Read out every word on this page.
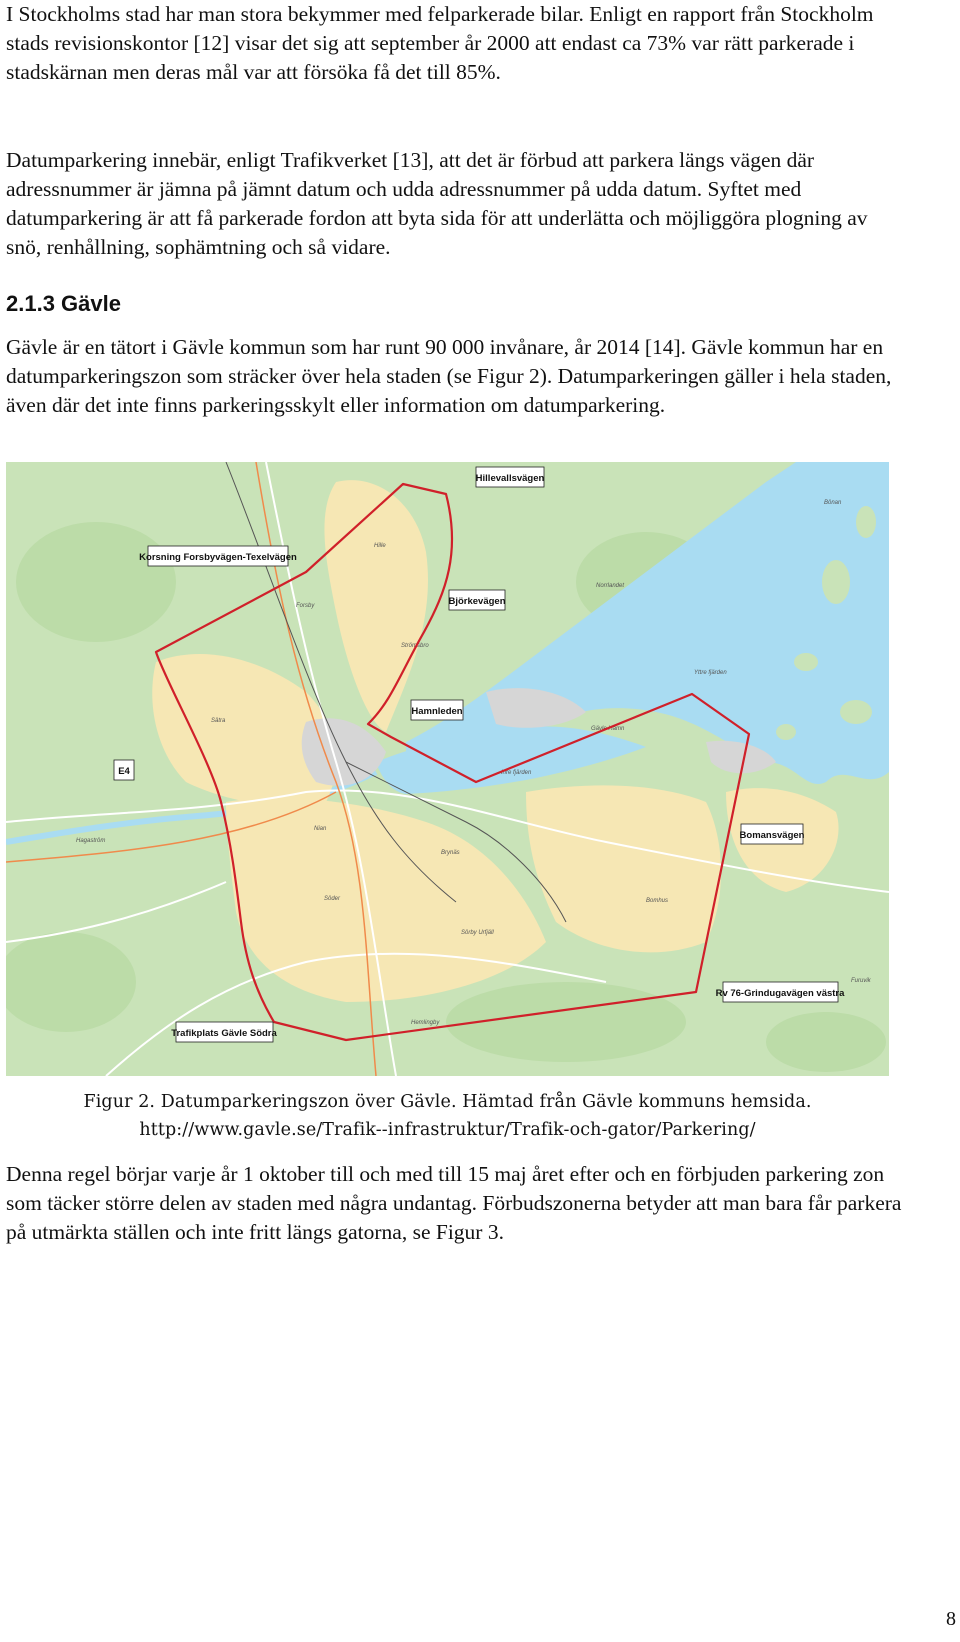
I Stockholms stad har man stora bekymmer med felparkerade bilar. Enligt en rapport från Stockholm stads revisionskontor [12] visar det sig att september år 2000 att endast ca 73% var rätt parkerade i stadskärnan men deras mål var att försöka få det till 85%.

Datumparkering innebär, enligt Trafikverket [13], att det är förbud att parkera längs vägen där adressnummer är jämna på jämnt datum och udda adressnummer på udda datum. Syftet med datumparkering är att få parkerade fordon att byta sida för att underlätta och möjliggöra plogning av snö, renhållning, sophämtning och så vidare.

2.1.3 Gävle

Gävle är en tätort i Gävle kommun som har runt 90 000 invånare, år 2014 [14]. Gävle kommun har en datumparkeringszon som sträcker över hela staden (se Figur 2). Datumparkeringen gäller i hela staden, även där det inte finns parkeringsskylt eller information om datumparkering.

Hille
Forsby
Strömsbro
Sätra
Norrlandet
Yttre fjärden
Inre fjärden
Gävle Hamn
Bomhus
Brynäs
Söder
Sörby Urfjäll
Hemlingby
Nian
Hagaström
Bönan
Furuvik
Hillevallsvägen
Korsning Forsbyvägen-Texelvägen
Björkevägen
Hamnleden
E4
Bomansvägen
Rv 76-Grindugavägen västra
Trafikplats Gävle Södra
Figur 2. Datumparkeringszon över Gävle. Hämtad från Gävle kommuns hemsida.
http://www.gavle.se/Trafik--infrastruktur/Trafik-och-gator/Parkering/

Denna regel börjar varje år 1 oktober till och med till 15 maj året efter och en förbjuden parkering zon som täcker större delen av staden med några undantag. Förbudszonerna betyder att man bara får parkera på utmärkta ställen och inte fritt längs gatorna, se Figur 3.

8
